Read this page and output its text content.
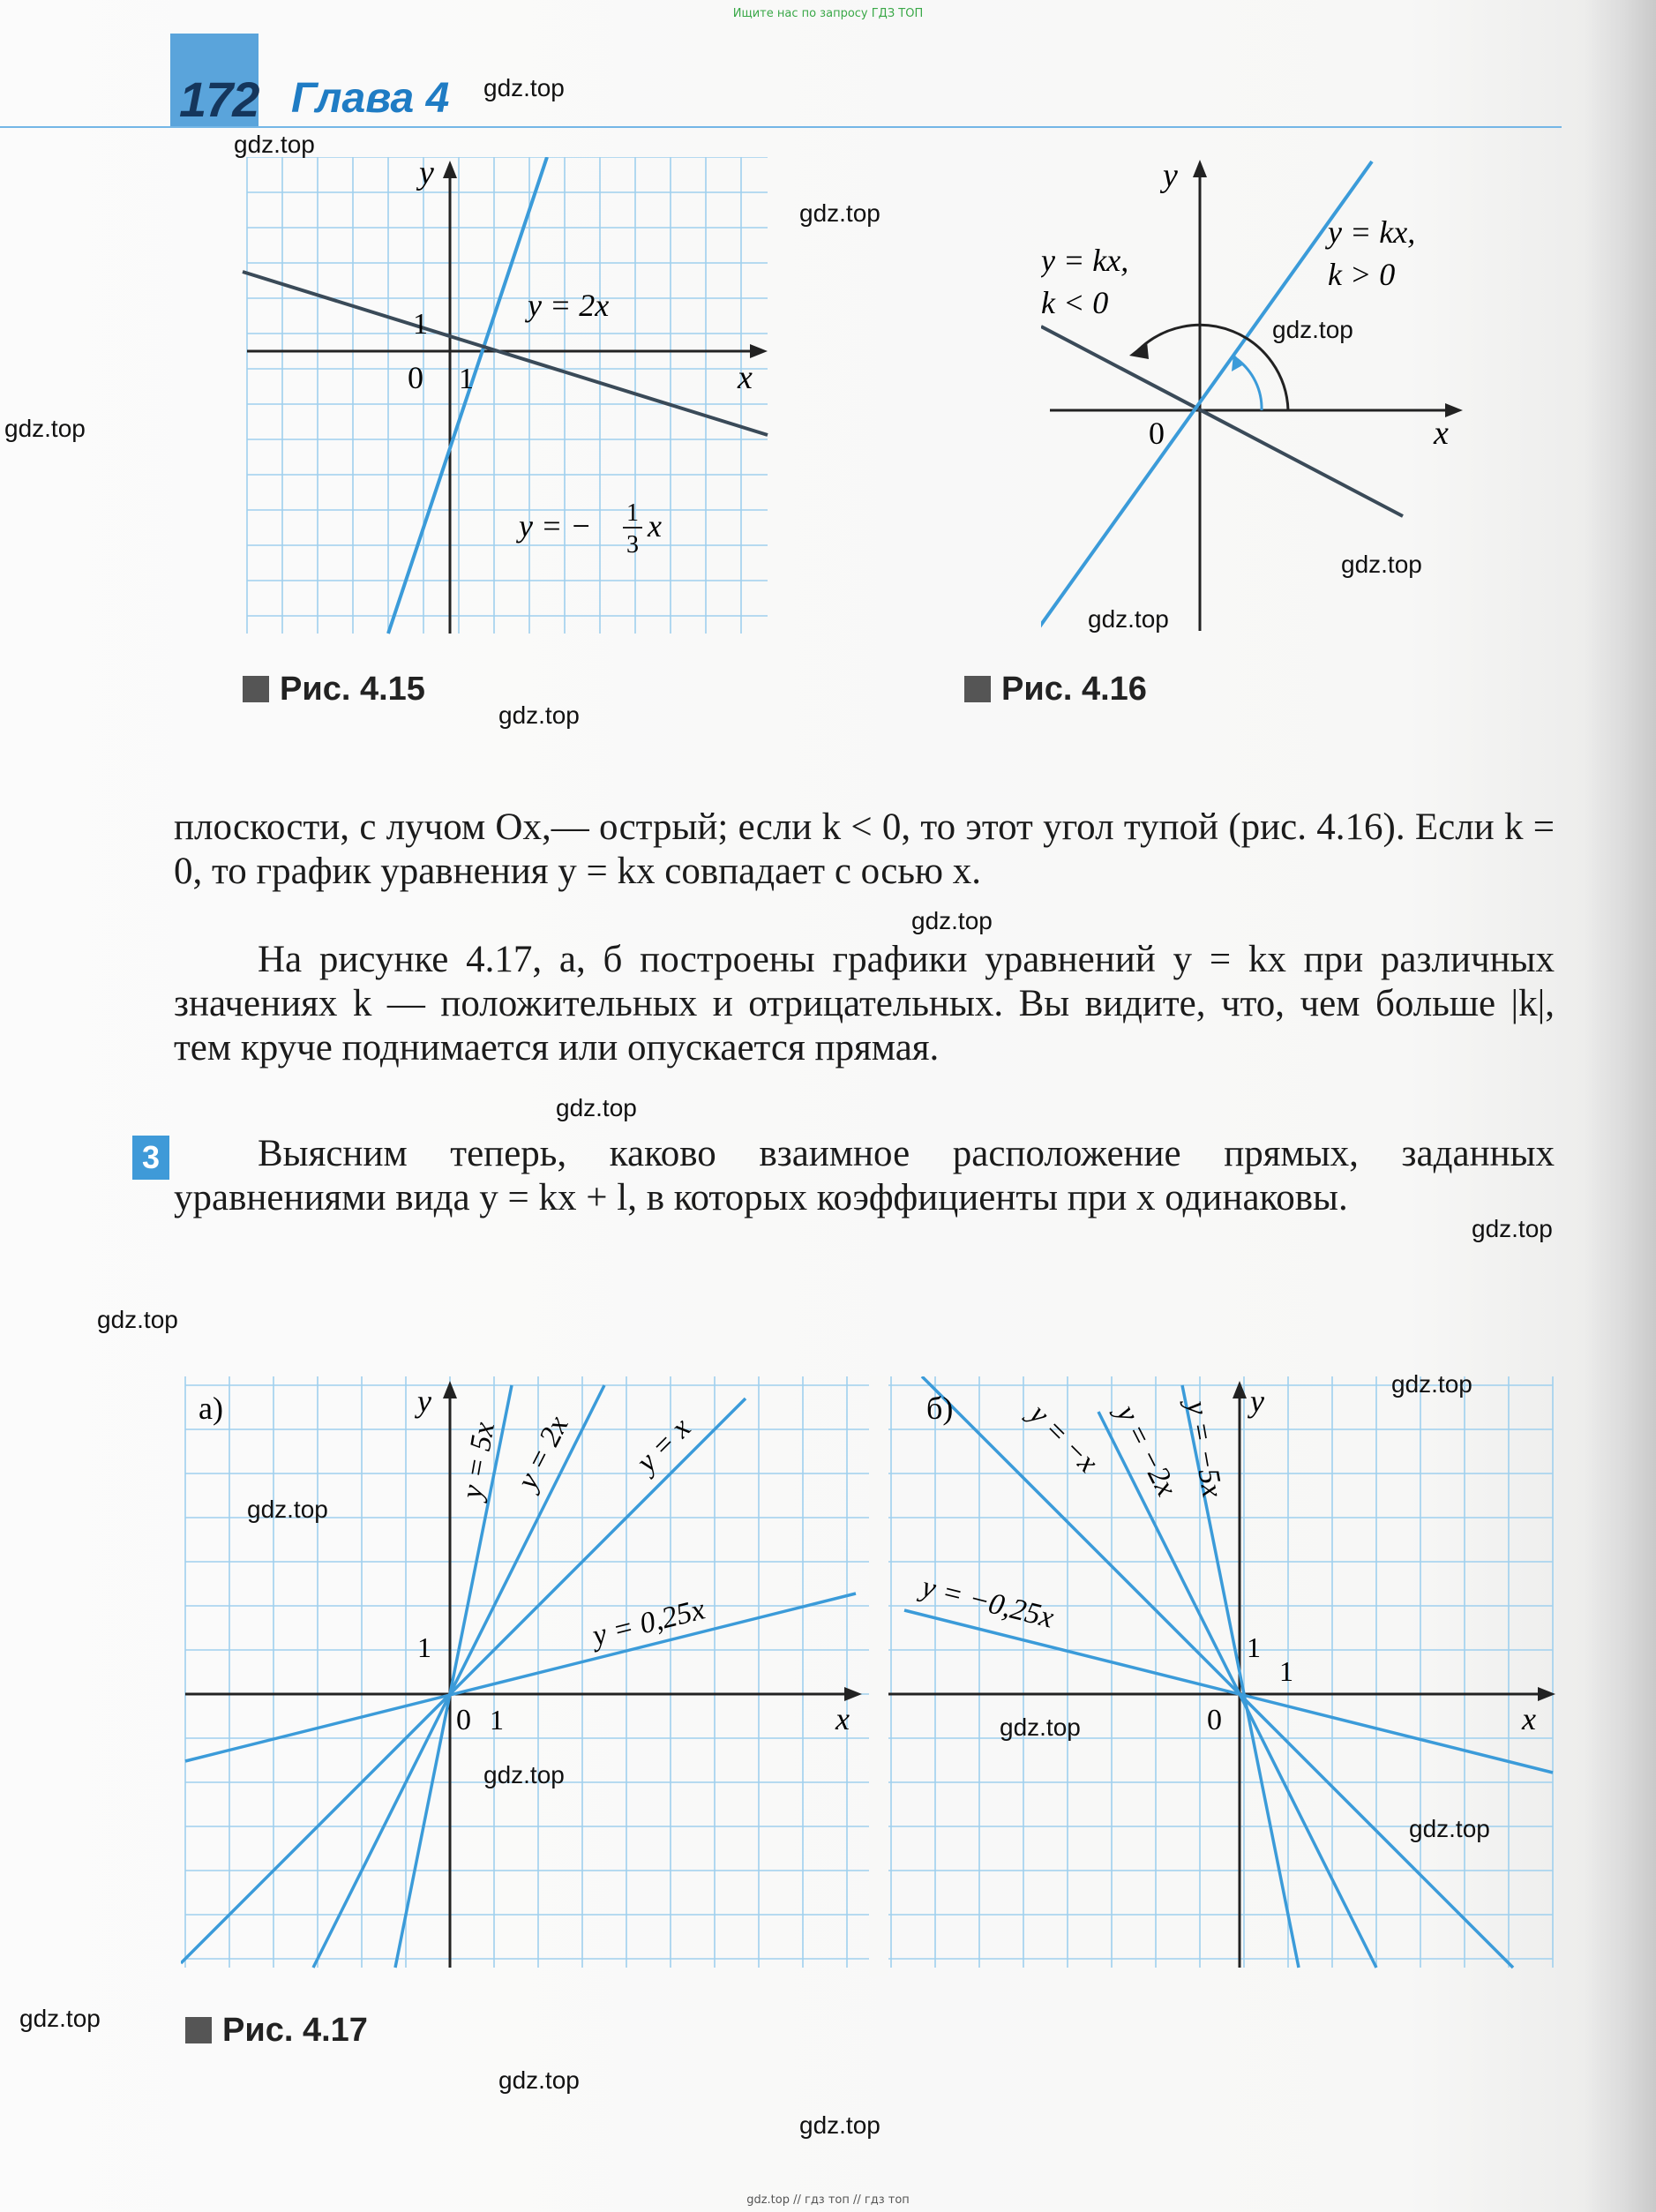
Ищите нас по запросу ГДЗ ТОП
172 Глава 4
y
x
0 1
1
y = 2x
y = − 1
3
x
Рис. 4.15
y
x
0
y = kx,
k < 0
y = kx,
k > 0
Рис. 4.16
плоскости, с лучом Ox,— острый; если k < 0, то этот угол тупой (рис. 4.16). Если k = 0, то график уравнения y = kx совпадает с осью x.
На рисунке 4.17, а, б построены графики уравнений y = kx при различных значениях k — положительных и отрицательных. Вы видите, что, чем больше |k|, тем круче поднимается или опускается прямая.
3	Выясним теперь, каково взаимное расположение прямых, заданных уравнениями вида y = kx + l, в которых коэффициенты при x одинаковы.
а)	y
x
0 1
1
y = 5x y = 2x y = x
y = 0,25x
б)	y
x
0
1
1
y = −x y = −2x
y = −5x
y = −0,25x
Рис. 4.17
gdz.top
gdz.top
gdz.top
gdz.top
gdz.top
gdz.top
gdz.top
gdz.top
gdz.top
gdz.top
gdz.top
gdz.top
gdz.top
gdz.top
gdz.top
gdz.top
gdz.top
gdz.top
gdz.top
gdz.top
gdz.top // гдз топ // гдз топ
